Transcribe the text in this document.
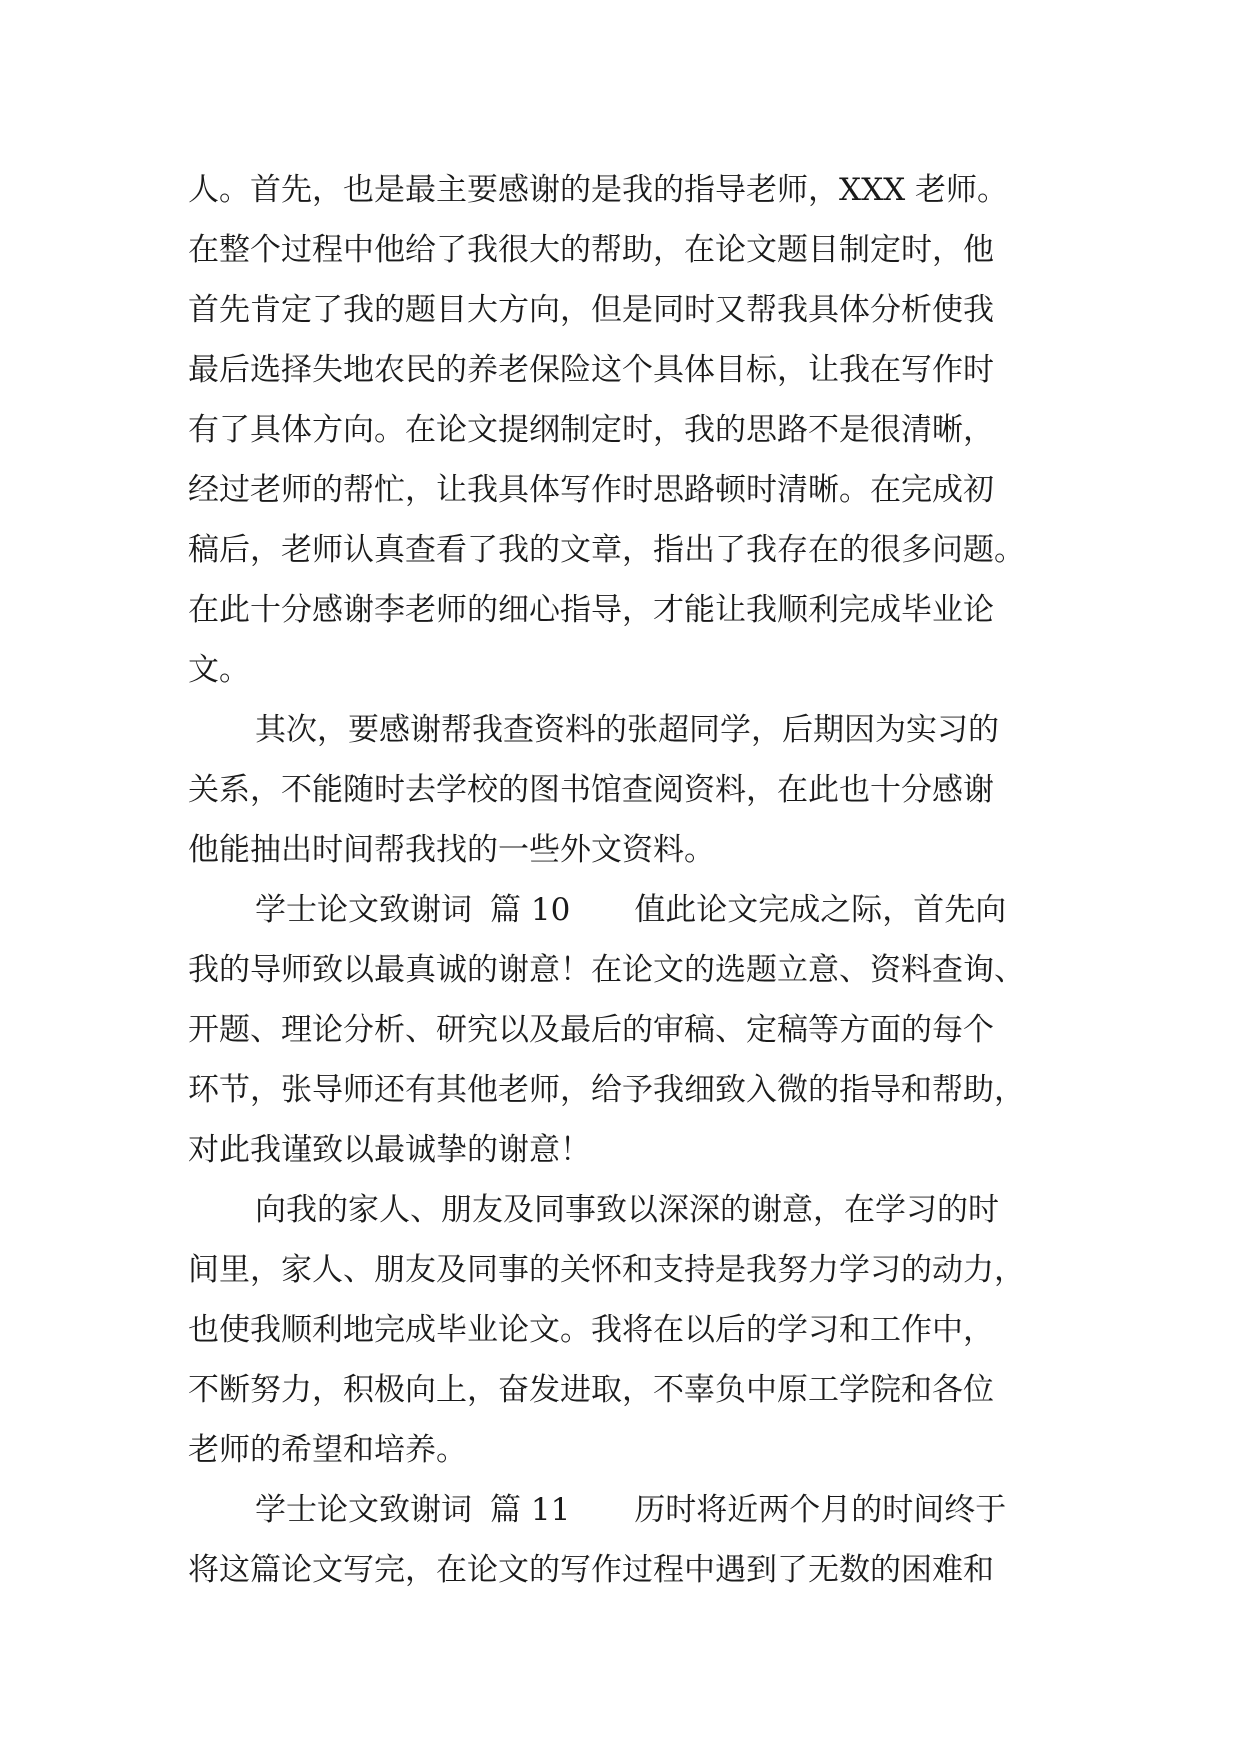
人。首先，也是最主要感谢的是我的指导老师，XXX 老师。
在整个过程中他给了我很大的帮助，在论文题目制定时，他
首先肯定了我的题目大方向，但是同时又帮我具体分析使我
最后选择失地农民的养老保险这个具体目标，让我在写作时
有了具体方向。在论文提纲制定时，我的思路不是很清晰，
经过老师的帮忙，让我具体写作时思路顿时清晰。在完成初
稿后，老师认真查看了我的文章，指出了我存在的很多问题。
在此十分感谢李老师的细心指导，才能让我顺利完成毕业论
文。
其次，要感谢帮我查资料的张超同学，后期因为实习的
关系，不能随时去学校的图书馆查阅资料，在此也十分感谢
他能抽出时间帮我找的一些外文资料。
学士论文致谢词 篇 10 值此论文完成之际，首先向
我的导师致以最真诚的谢意！在论文的选题立意、资料查询、
开题、理论分析、研究以及最后的审稿、定稿等方面的每个
环节，张导师还有其他老师，给予我细致入微的指导和帮助，
对此我谨致以最诚挚的谢意！
向我的家人、朋友及同事致以深深的谢意，在学习的时
间里，家人、朋友及同事的关怀和支持是我努力学习的动力，
也使我顺利地完成毕业论文。我将在以后的学习和工作中，
不断努力，积极向上，奋发进取，不辜负中原工学院和各位
老师的希望和培养。
学士论文致谢词 篇 11 历时将近两个月的时间终于
将这篇论文写完，在论文的写作过程中遇到了无数的困难和
